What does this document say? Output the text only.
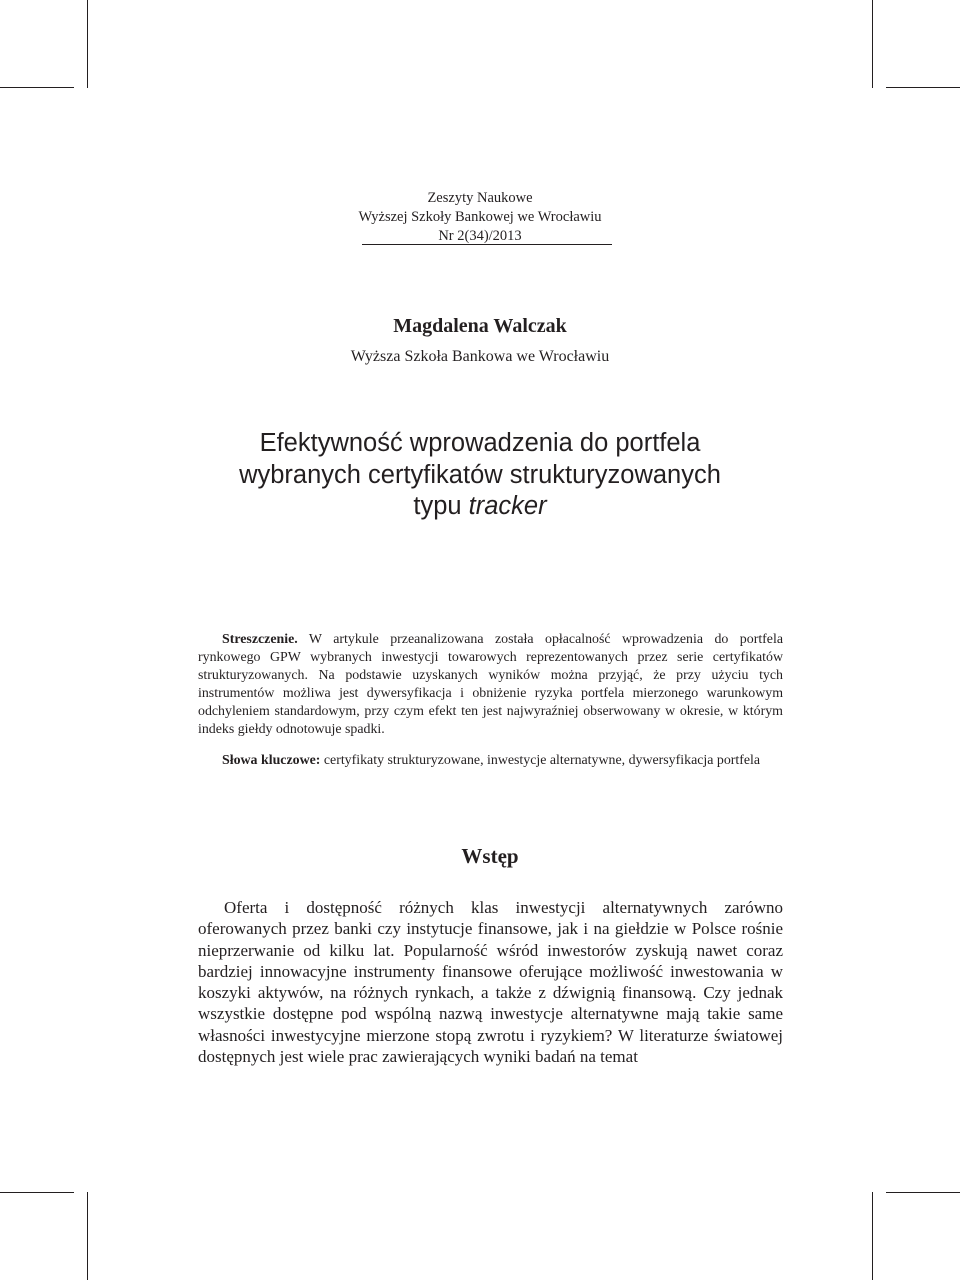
Zeszyty Naukowe
Wyższej Szkoły Bankowej we Wrocławiu
Nr 2(34)/2013
Magdalena Walczak
Wyższa Szkoła Bankowa we Wrocławiu
Efektywność wprowadzenia do portfela
wybranych certyfikatów strukturyzowanych
typu tracker

Streszczenie. W artykule przeanalizowana została opłacalność wprowadzenia do portfela rynkowego GPW wybranych inwestycji towarowych reprezentowanych przez serie certyfikatów strukturyzowanych. Na podstawie uzyskanych wyników można przyjąć, że przy użyciu tych instrumentów możliwa jest dywersyfikacja i obniżenie ryzyka portfela mierzonego warunkowym odchyleniem standardowym, przy czym efekt ten jest najwyraźniej obserwowany w okresie, w którym indeks giełdy odnotowuje spadki.

Słowa kluczowe: certyfikaty strukturyzowane, inwestycje alternatywne, dywersyfikacja portfela
Wstęp

Oferta i dostępność różnych klas inwestycji alternatywnych zarówno oferowanych przez banki czy instytucje finansowe, jak i na giełdzie w Polsce rośnie nieprzerwanie od kilku lat. Popularność wśród inwestorów zyskują nawet coraz bardziej innowacyjne instrumenty finansowe oferujące możliwość inwestowania w koszyki aktywów, na różnych rynkach, a także z dźwignią finansową. Czy jednak wszystkie dostępne pod wspólną nazwą inwestycje alternatywne mają takie same własności inwestycyjne mierzone stopą zwrotu i ryzykiem? W literaturze światowej dostępnych jest wiele prac zawierających wyniki badań na temat
